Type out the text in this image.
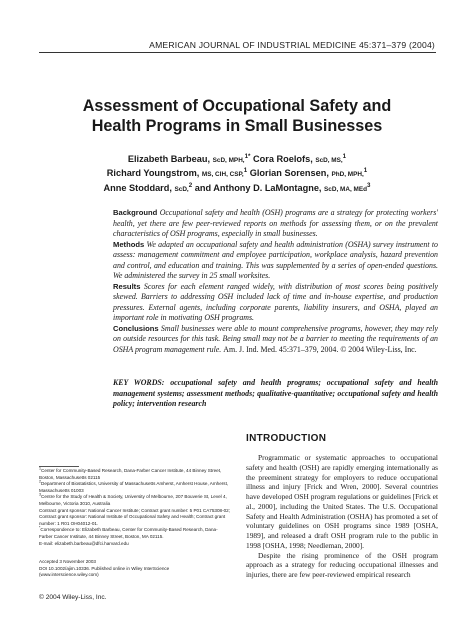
AMERICAN JOURNAL OF INDUSTRIAL MEDICINE 45:371–379 (2004)
Assessment of Occupational Safety and
Health Programs in Small Businesses
Elizabeth Barbeau, ScD, MPH,$^{1*}$ Cora Roelofs, ScD, MS,$^1$
Richard Youngstrom, MS, CIH, CSP,$^1$ Glorian Sorensen, PhD, MPH,$^1$
Anne Stoddard, ScD,$^2$ and Anthony D. LaMontagne, ScD, MA, MEd$^3$

Background Occupational safety and health (OSH) programs are a strategy for protecting workers' health, yet there are few peer-reviewed reports on methods for assessing them, or on the prevalent characteristics of OSH programs, especially in small businesses.

Methods We adapted an occupational safety and health administration (OSHA) survey instrument to assess: management commitment and employee participation, workplace analysis, hazard prevention and control, and education and training. This was supplemented by a series of open-ended questions. We administered the survey in 25 small worksites.

Results Scores for each element ranged widely, with distribution of most scores being positively skewed. Barriers to addressing OSH included lack of time and in-house expertise, and production pressures. External agents, including corporate parents, liability insurers, and OSHA, played an important role in motivating OSH programs.

Conclusions Small businesses were able to mount comprehensive programs, however, they may rely on outside resources for this task. Being small may not be a barrier to meeting the requirements of an OSHA program management rule. Am. J. Ind. Med. 45:371–379, 2004. © 2004 Wiley-Liss, Inc.

KEY WORDS: occupational safety and health programs; occupational safety and health management systems; assessment methods; qualitative-quantitative; occupational safety and health policy; intervention research

$^1$Center for Community-Based Research, Dana-Farber Cancer Institute, 44 Binney Street, Boston, Massachusetts 02115

$^2$Department of Biostatistics, University of Massachusetts Amherst, Amherst House, Amherst, Massachusetts 01003

$^3$Centre for the Study of Health & Society, University of Melbourne, 207 Bouverie St, Level 4, Melbourne, Victoria 3010, Australia

Contract grant sponsor: National Cancer Institute; Contract grant number: 5 P01 CA75308-02; Contract grant sponsor: National Institute of Occupational Safety and Health; Contract grant number: 1 R01 OH04012-01.

*Correspondence to: Elizabeth Barbeau, Center for Community-Based Research, Dana-Farber Cancer Institute, 44 Binney Street, Boston, MA 02115.

E-mail: elizabeth.barbeau@dfci.harvard.edu

Accepted 3 November 2003

DOI 10.1002/ajim.10336. Published online in Wiley InterScience

(www.interscience.wiley.com)

© 2004 Wiley-Liss, Inc.
INTRODUCTION

Programmatic or systematic approaches to occupational safety and health (OSH) are rapidly emerging internationally as the preeminent strategy for employers to reduce occupational illness and injury [Frick and Wren, 2000]. Several countries have developed OSH program regulations or guidelines [Frick et al., 2000], including the United States. The U.S. Occupational Safety and Health Administration (OSHA) has promoted a set of voluntary guidelines on OSH programs since 1989 [OSHA, 1989], and released a draft OSH program rule to the public in 1998 [OSHA, 1998; Needleman, 2000].

Despite the rising prominence of the OSH program approach as a strategy for reducing occupational illnesses and injuries, there are few peer-reviewed empirical research
